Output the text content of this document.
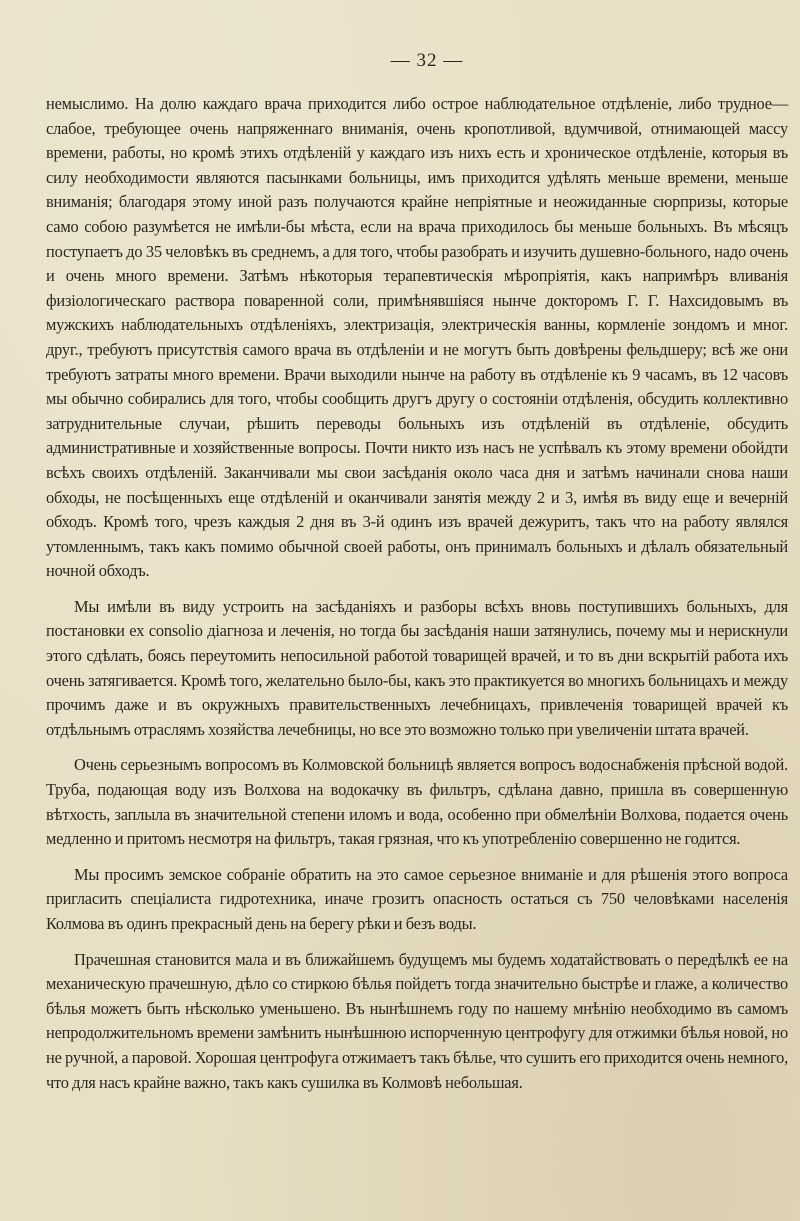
— 32 —

немыслимо. На долю каждаго врача приходится либо острое наблюдательное отдѣленіе, либо трудное—слабое, требующее очень напряженнаго вниманія, очень кропотливой, вдумчивой, отнимающей массу времени, работы, но кромѣ этихъ отдѣленій у каждаго изъ нихъ есть и хроническое отдѣленіе, которыя въ силу необходимости являются пасынками больницы, имъ приходится удѣлять меньше времени, меньше вниманія; благодаря этому иной разъ получаются крайне непріятные и неожиданные сюрпризы, которые само собою разумѣется не имѣли-бы мѣста, если на врача приходилось бы меньше больныхъ. Въ мѣсяцъ поступаетъ до 35 человѣкъ въ среднемъ, а для того, чтобы разобрать и изучить душевно-больного, надо очень и очень много времени. Затѣмъ нѣкоторыя терапевтическія мѣропріятія, какъ напримѣръ вливанія физіологическаго раствора поваренной соли, примѣнявшіяся нынче докторомъ Г. Г. Нахсидовымъ въ мужскихъ наблюдательныхъ отдѣленіяхъ, электризація, электрическія ванны, кормленіе зондомъ и мног. друг., требуютъ присутствія самого врача въ отдѣленіи и не могутъ быть довѣрены фельдшеру; всѣ же они требуютъ затраты много времени. Врачи выходили нынче на работу въ отдѣленіе къ 9 часамъ, въ 12 часовъ мы обычно собирались для того, чтобы сообщить другъ другу о состояніи отдѣленія, обсудить коллективно затруднительные случаи, рѣшить переводы больныхъ изъ отдѣленій въ отдѣленіе, обсудить административные и хозяйственные вопросы. Почти никто изъ насъ не успѣвалъ къ этому времени обойдти всѣхъ своихъ отдѣленій. Заканчивали мы свои засѣданія около часа дня и затѣмъ начинали снова наши обходы, не посѣщенныхъ еще отдѣленій и оканчивали занятія между 2 и 3, имѣя въ виду еще и вечерній обходъ. Кромѣ того, чрезъ каждыя 2 дня въ 3-й одинъ изъ врачей дежуритъ, такъ что на работу являлся утомленнымъ, такъ какъ помимо обычной своей работы, онъ принималъ больныхъ и дѣлалъ обязательный ночной обходъ.

Мы имѣли въ виду устроить на засѣданіяхъ и разборы всѣхъ вновь поступившихъ больныхъ, для постановки ex consolio діагноза и леченія, но тогда бы засѣданія наши затянулись, почему мы и нерискнули этого сдѣлать, боясь переутомить непосильной работой товарищей врачей, и то въ дни вскрытій работа ихъ очень затягивается. Кромѣ того, желательно было-бы, какъ это практикуется во многихъ больницахъ и между прочимъ даже и въ окружныхъ правительственныхъ лечебницахъ, привлеченія товарищей врачей къ отдѣльнымъ отраслямъ хозяйства лечебницы, но все это возможно только при увеличеніи штата врачей.

Очень серьезнымъ вопросомъ въ Колмовской больницѣ является вопросъ водоснабженія прѣсной водой. Труба, подающая воду изъ Волхова на водокачку въ фильтръ, сдѣлана давно, пришла въ совершенную вѣтхость, заплыла въ значительной степени иломъ и вода, особенно при обмелѣніи Волхова, подается очень медленно и притомъ несмотря на фильтръ, такая грязная, что къ употребленію совершенно не годится.

Мы просимъ земское собраніе обратить на это самое серьезное вниманіе и для рѣшенія этого вопроса пригласить спеціалиста гидротехника, иначе грозитъ опасность остаться съ 750 человѣками населенія Колмова въ одинъ прекрасный день на берегу рѣки и безъ воды.

Прачешная становится мала и въ ближайшемъ будущемъ мы будемъ ходатайствовать о передѣлкѣ ее на механическую прачешную, дѣло со стиркою бѣлья пойдетъ тогда значительно быстрѣе и глаже, а количество бѣлья можетъ быть нѣсколько уменьшено. Въ нынѣшнемъ году по нашему мнѣнію необходимо въ самомъ непродолжительномъ времени замѣнить нынѣшнюю испорченную центрофугу для отжимки бѣлья новой, но не ручной, а паровой. Хорошая центрофуга отжимаетъ такъ бѣлье, что сушить его приходится очень немного, что для насъ крайне важно, такъ какъ сушилка въ Колмовѣ небольшая.
